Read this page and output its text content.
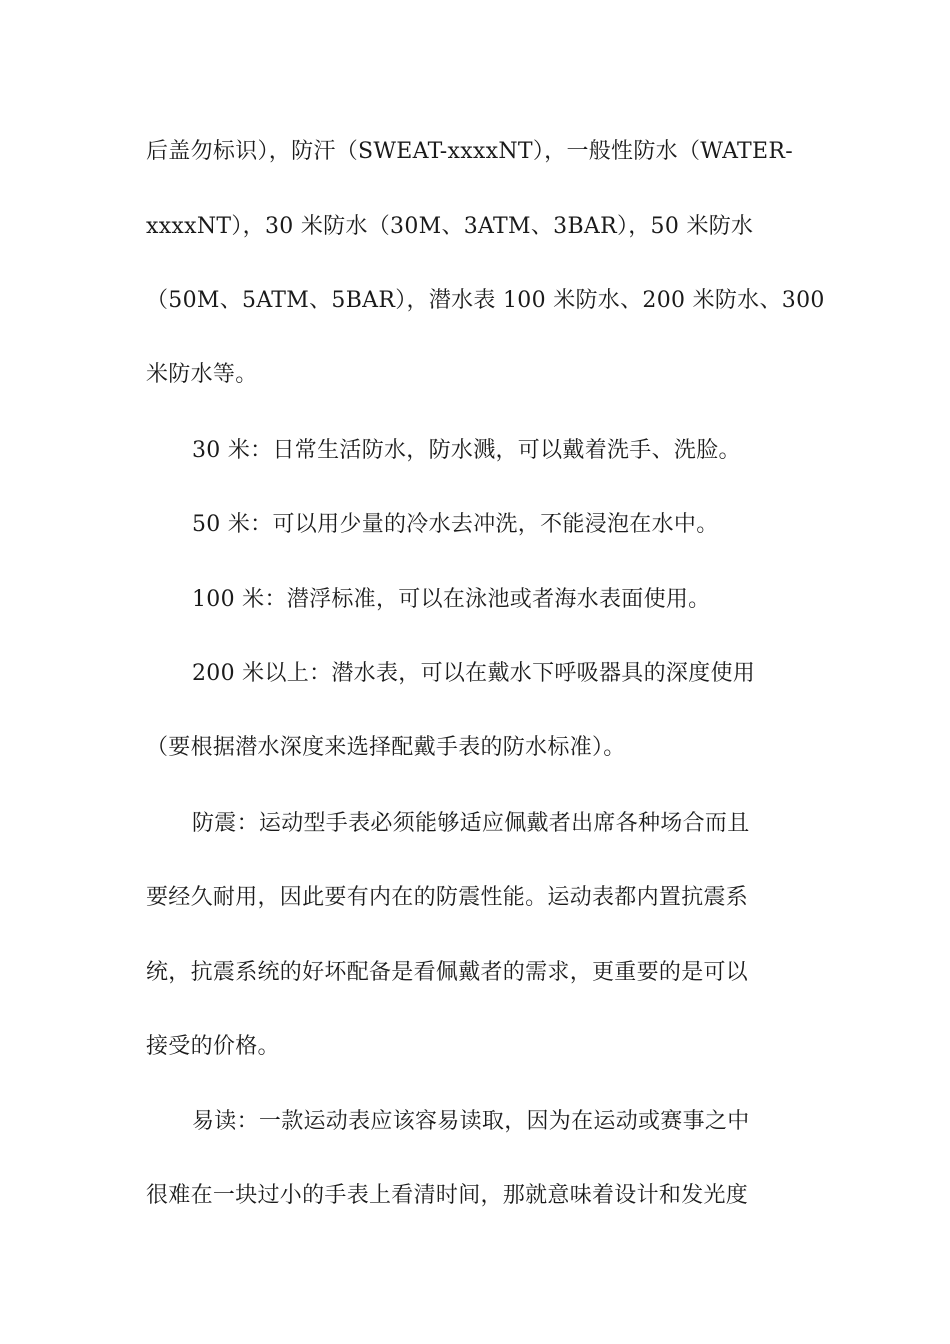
后盖勿标识），防汗（SWEAT-xxxxNT），一般性防水（WATER-
xxxxNT），30 米防水（30M、3ATM、3BAR），50 米防水
（50M、5ATM、5BAR），潜水表 100 米防水、200 米防水、300
米防水等。
30 米：日常生活防水，防水溅，可以戴着洗手、洗脸。
50 米：可以用少量的冷水去冲洗，不能浸泡在水中。
100 米：潜浮标准，可以在泳池或者海水表面使用。
200 米以上：潜水表，可以在戴水下呼吸器具的深度使用
（要根据潜水深度来选择配戴手表的防水标准）。
防震：运动型手表必须能够适应佩戴者出席各种场合而且
要经久耐用，因此要有内在的防震性能。运动表都内置抗震系
统，抗震系统的好坏配备是看佩戴者的需求，更重要的是可以
接受的价格。
易读：一款运动表应该容易读取，因为在运动或赛事之中
很难在一块过小的手表上看清时间，那就意味着设计和发光度
